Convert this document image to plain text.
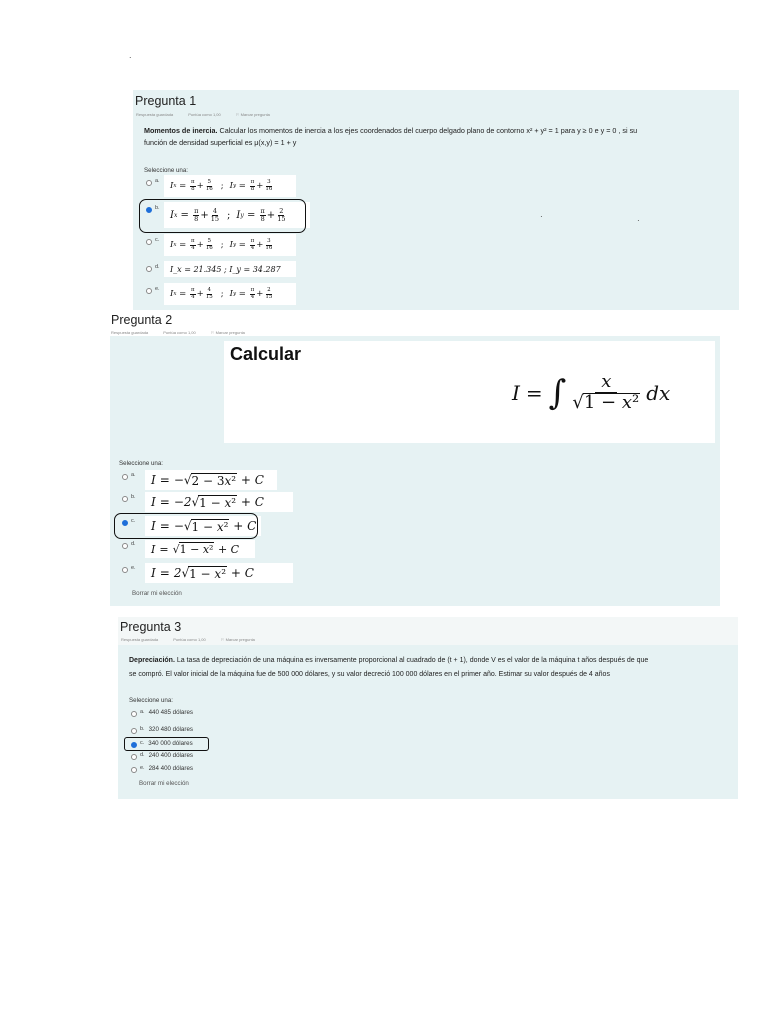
.
Pregunta 1
Respuesta guardada	Puntúa como 1,00	⚐ Marcar pregunta
Momentos de inercia. Calcular los momentos de inercia a los ejes coordenados del cuerpo delgado plano de contorno x² + y² = 1 para y ≥ 0 e y = 0 , si su
función de densidad superficial es μ(x,y) = 1 + y
Seleccione una:
a.	I $x = \frac{\pi}{8} + \frac{5}{16}$ ; I $y = \frac{\pi}{8} + \frac{3}{16}$
b.
I $x = \frac{\pi}{8} + \frac{4}{15}$ ; I $y = \frac{\pi}{8} + \frac{2}{15}$
c.	I $x = \frac{\pi}{4} + \frac{5}{16}$ ; I $y = \frac{\pi}{4} + \frac{3}{16}$
d. I_x = 21.345 ; I_y = 34.287
e.	I $x = \frac{\pi}{4} + \frac{4}{15}$ ; I $y = \frac{\pi}{4} + \frac{2}{15}$
·	·
Pregunta 2
Respuesta guardada	Puntúa como 1,00	⚐ Marcar pregunta
Calcular
I = ∫ $\frac{x}{\text{√1 − x²}}$ dx
Seleccione una:
a.	I = −√ 2 − 3x² + C
b.	I = −2√ 1 − x² + C
c.	I = −√ 1 − x² + C
d.	I = √ 1 − x² + C
e.	I = 2√ 1 − x² + C
Borrar mi elección
Pregunta 3
Respuesta guardada	Puntúa como 1,00	⚐ Marcar pregunta
Depreciación. La tasa de depreciación de una máquina es inversamente proporcional al cuadrado de (t + 1), donde V es el valor de la máquina t años después de que
se compró. El valor inicial de la máquina fue de 500 000 dólares, y su valor decreció 100 000 dólares en el primer año. Estimar su valor después de 4 años
Seleccione una:
a. 440 485 dólares
b. 320 480 dólares
c. 340 000 dólares
d. 240 400 dólares
e. 284 400 dólares
Borrar mi elección
